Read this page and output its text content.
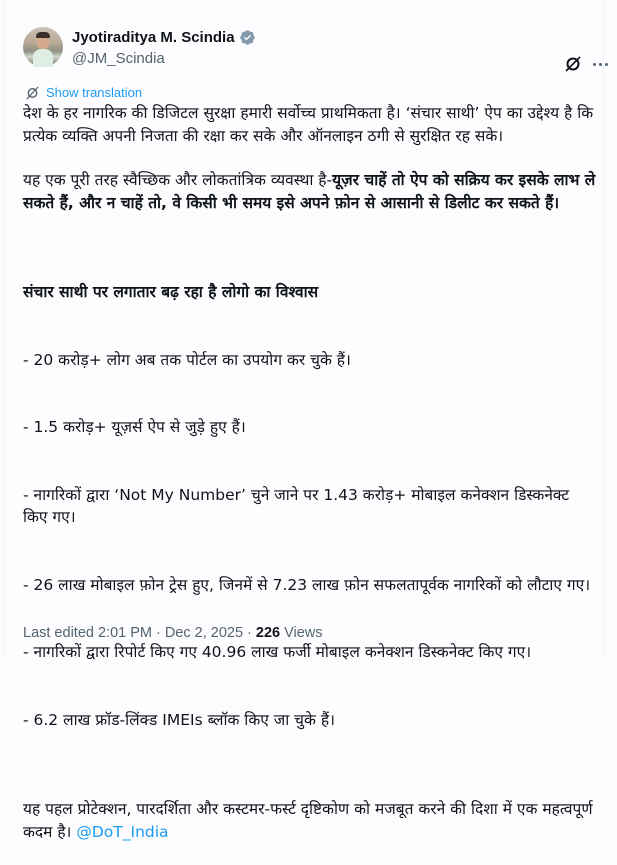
Jyotiraditya M. Scindia
@JM_Scindia
Show translation
देश के हर नागरिक की डिजिटल सुरक्षा हमारी सर्वोच्च प्राथमिकता है। ‘संचार साथी’ ऐप का उद्देश्य है कि प्रत्येक व्यक्ति अपनी निजता की रक्षा कर सके और ऑनलाइन ठगी से सुरक्षित रह सके।
यह एक पूरी तरह स्वैच्छिक और लोकतांत्रिक व्यवस्था है-यूज़र चाहें तो ऐप को सक्रिय कर इसके लाभ ले सकते हैं, और न चाहें तो, वे किसी भी समय इसे अपने फ़ोन से आसानी से डिलीट कर सकते हैं।

संचार साथी पर लगातार बढ़ रहा है लोगो का विश्वास

- 20 करोड़+ लोग अब तक पोर्टल का उपयोग कर चुके हैं।

- 1.5 करोड़+ यूज़र्स ऐप से जुड़े हुए हैं।

- नागरिकों द्वारा ‘Not My Number’ चुने जाने पर 1.43 करोड़+ मोबाइल कनेक्शन डिस्कनेक्ट किए गए।

- 26 लाख मोबाइल फ़ोन ट्रेस हुए, जिनमें से 7.23 लाख फ़ोन सफलतापूर्वक नागरिकों को लौटाए गए।

- नागरिकों द्वारा रिपोर्ट किए गए 40.96 लाख फर्जी मोबाइल कनेक्शन डिस्कनेक्ट किए गए।

- 6.2 लाख फ्रॉड-लिंक्ड IMEIs ब्लॉक किए जा चुके हैं।

यह पहल प्रोटेक्शन, पारदर्शिता और कस्टमर-फर्स्ट दृष्टिकोण को मजबूत करने की दिशा में एक महत्वपूर्ण कदम है। @DoT_India
Last edited 2:01 PM · Dec 2, 2025 · 226 Views
